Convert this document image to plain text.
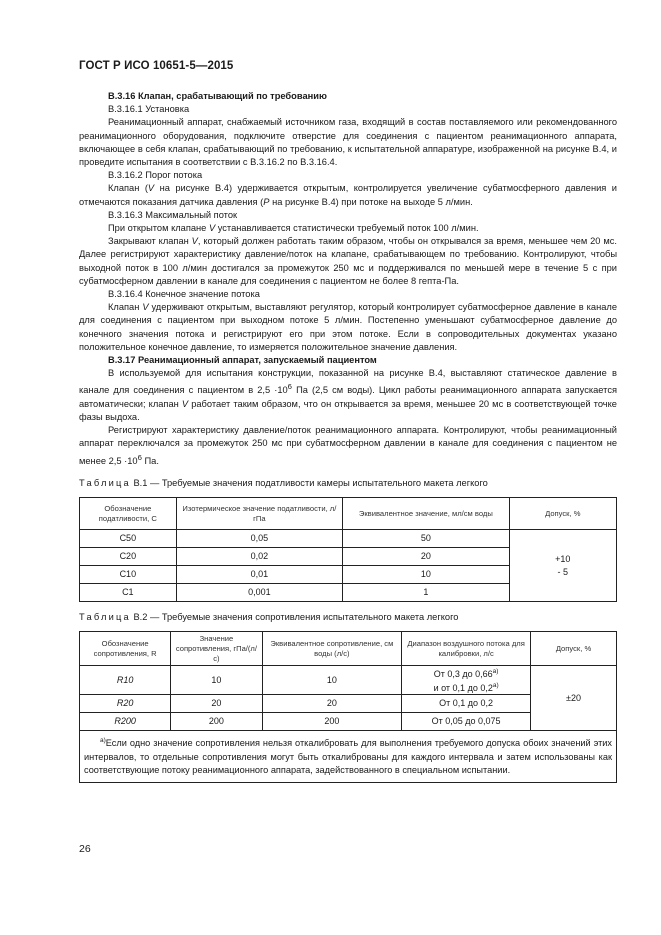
ГОСТ Р ИСО 10651-5—2015

В.3.16 Клапан, срабатывающий по требованию

В.3.16.1 Установка

Реанимационный аппарат, снабжаемый источником газа, входящий в состав поставляемого или рекомендованного реанимационного оборудования, подключите отверстие для соединения с пациентом реанимационного аппарата, включающее в себя клапан, срабатывающий по требованию, к испытательной аппаратуре, изображенной на рисунке В.4, и проведите испытания в соответствии с В.3.16.2 по В.3.16.4.

В.3.16.2 Порог потока

Клапан (V на рисунке В.4) удерживается открытым, контролируется увеличение субатмосферного давления и отмечаются показания датчика давления (P на рисунке В.4) при потоке на выходе 5 л/мин.

В.3.16.3 Максимальный поток

При открытом клапане V устанавливается статистически требуемый поток 100 л/мин.

Закрывают клапан V, который должен работать таким образом, чтобы он открывался за время, меньшее чем 20 мс. Далее регистрируют характеристику давление/поток на клапане, срабатывающем по требованию. Контролируют, чтобы выходной поток в 100 л/мин достигался за промежуток 250 мс и поддерживался по меньшей мере в течение 5 с при субатмосферном давлении в канале для соединения с пациентом не более 8 гепта-Па.

В.3.16.4 Конечное значение потока

Клапан V удерживают открытым, выставляют регулятор, который контролирует субатмосферное давление в канале для соединения с пациентом при выходном потоке 5 л/мин. Постепенно уменьшают субатмосферное давление до конечного значения потока и регистрируют его при этом потоке. Если в сопроводительных документах указано положительное конечное давление, то измеряется положительное значение давления.

В.3.17 Реанимационный аппарат, запускаемый пациентом

В используемой для испытания конструкции, показанной на рисунке В.4, выставляют статическое давление в канале для соединения с пациентом в $2,5 \cdot 10^6$ Па (2,5 см воды). Цикл работы реанимационного аппарата запускается автоматически; клапан V работает таким образом, что он открывается за время, меньшее 20 мс в соответствующей точке фазы выдоха.

Регистрируют характеристику давление/поток реанимационного аппарата. Контролируют, чтобы реанимационный аппарат переключался за промежуток 250 мс при субатмосферном давлении в канале для соединения с пациентом не менее $2,5 \cdot 10^6$ Па.

Таблица В.1 — Требуемые значения податливости камеры испытательного макета легкого
Обозначение податливости, С	Изотермическое значение податливости, л/гПа	Эквивалентное значение, мл/см воды	Допуск, %
С50	0,05	50	+10
- 5
С20	0,02	20	
С10	0,01	10	
С1	0,001	1	
Таблица В.2 — Требуемые значения сопротивления испытательного макета легкого
Обозначение сопротивления, R	Значение сопротивления, гПа/(л/с)	Эквивалентное сопротивление, см воды (л/с)	Диапазон воздушного потока для калибровки, л/с	Допуск, %
R10	10	10	От 0,3 до $0,66^{а)}$
и от 0,1 до $0,2^{а)}$	±20
R20	20	20	От 0,1 до 0,2	
R200	200	200	От 0,05 до 0,075	

$^{а)}$Если одно значение сопротивления нельзя откалибровать для выполнения требуемого допуска обоих значений этих интервалов, то отдельные сопротивления могут быть откалиброваны для каждого интервала и затем использованы как соответствующие потоку реанимационного аппарата, задействованного в специальном испытании.				

26
